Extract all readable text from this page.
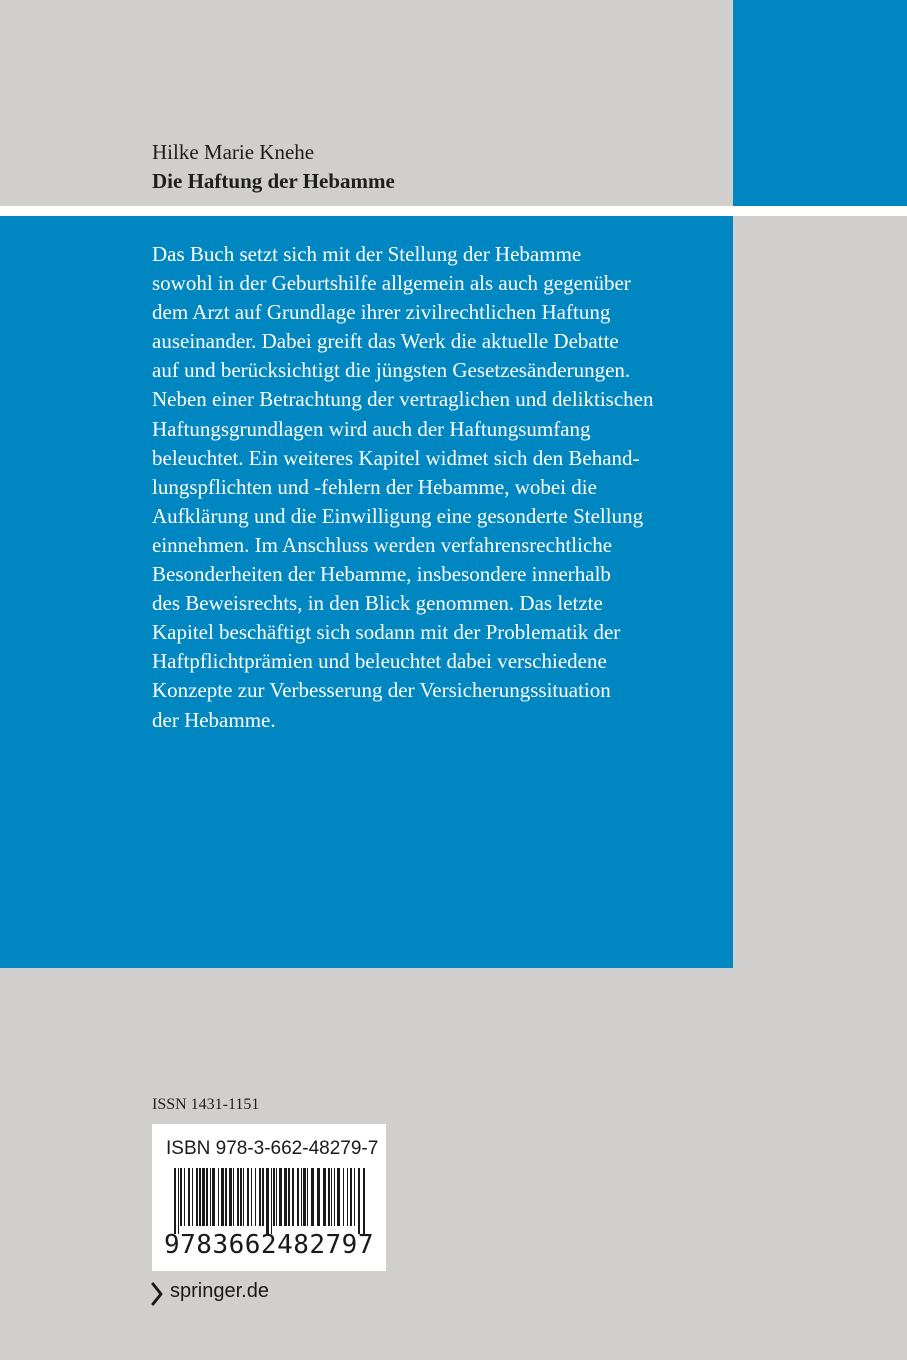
Hilke Marie Knehe
Die Haftung der Hebamme
Das Buch setzt sich mit der Stellung der Hebamme
sowohl in der Geburtshilfe allgemein als auch gegenüber
dem Arzt auf Grundlage ihrer zivilrechtlichen Haftung
auseinander. Dabei greift das Werk die aktuelle Debatte
auf und berücksichtigt die jüngsten Gesetzesänderungen.
Neben einer Betrachtung der vertraglichen und deliktischen
Haftungsgrundlagen wird auch der Haftungsumfang
beleuchtet. Ein weiteres Kapitel widmet sich den Behand-
lungspflichten und -fehlern der Hebamme, wobei die
Aufklärung und die Einwilligung eine gesonderte Stellung
einnehmen. Im Anschluss werden verfahrensrechtliche
Besonderheiten der Hebamme, insbesondere innerhalb
des Beweisrechts, in den Blick genommen. Das letzte
Kapitel beschäftigt sich sodann mit der Problematik der
Haftpflichtprämien und beleuchtet dabei verschiedene
Konzepte zur Verbesserung der Versicherungssituation
der Hebamme.
ISSN 1431-1151
ISBN 978-3-662-48279-7
9783662482797
springer.de
